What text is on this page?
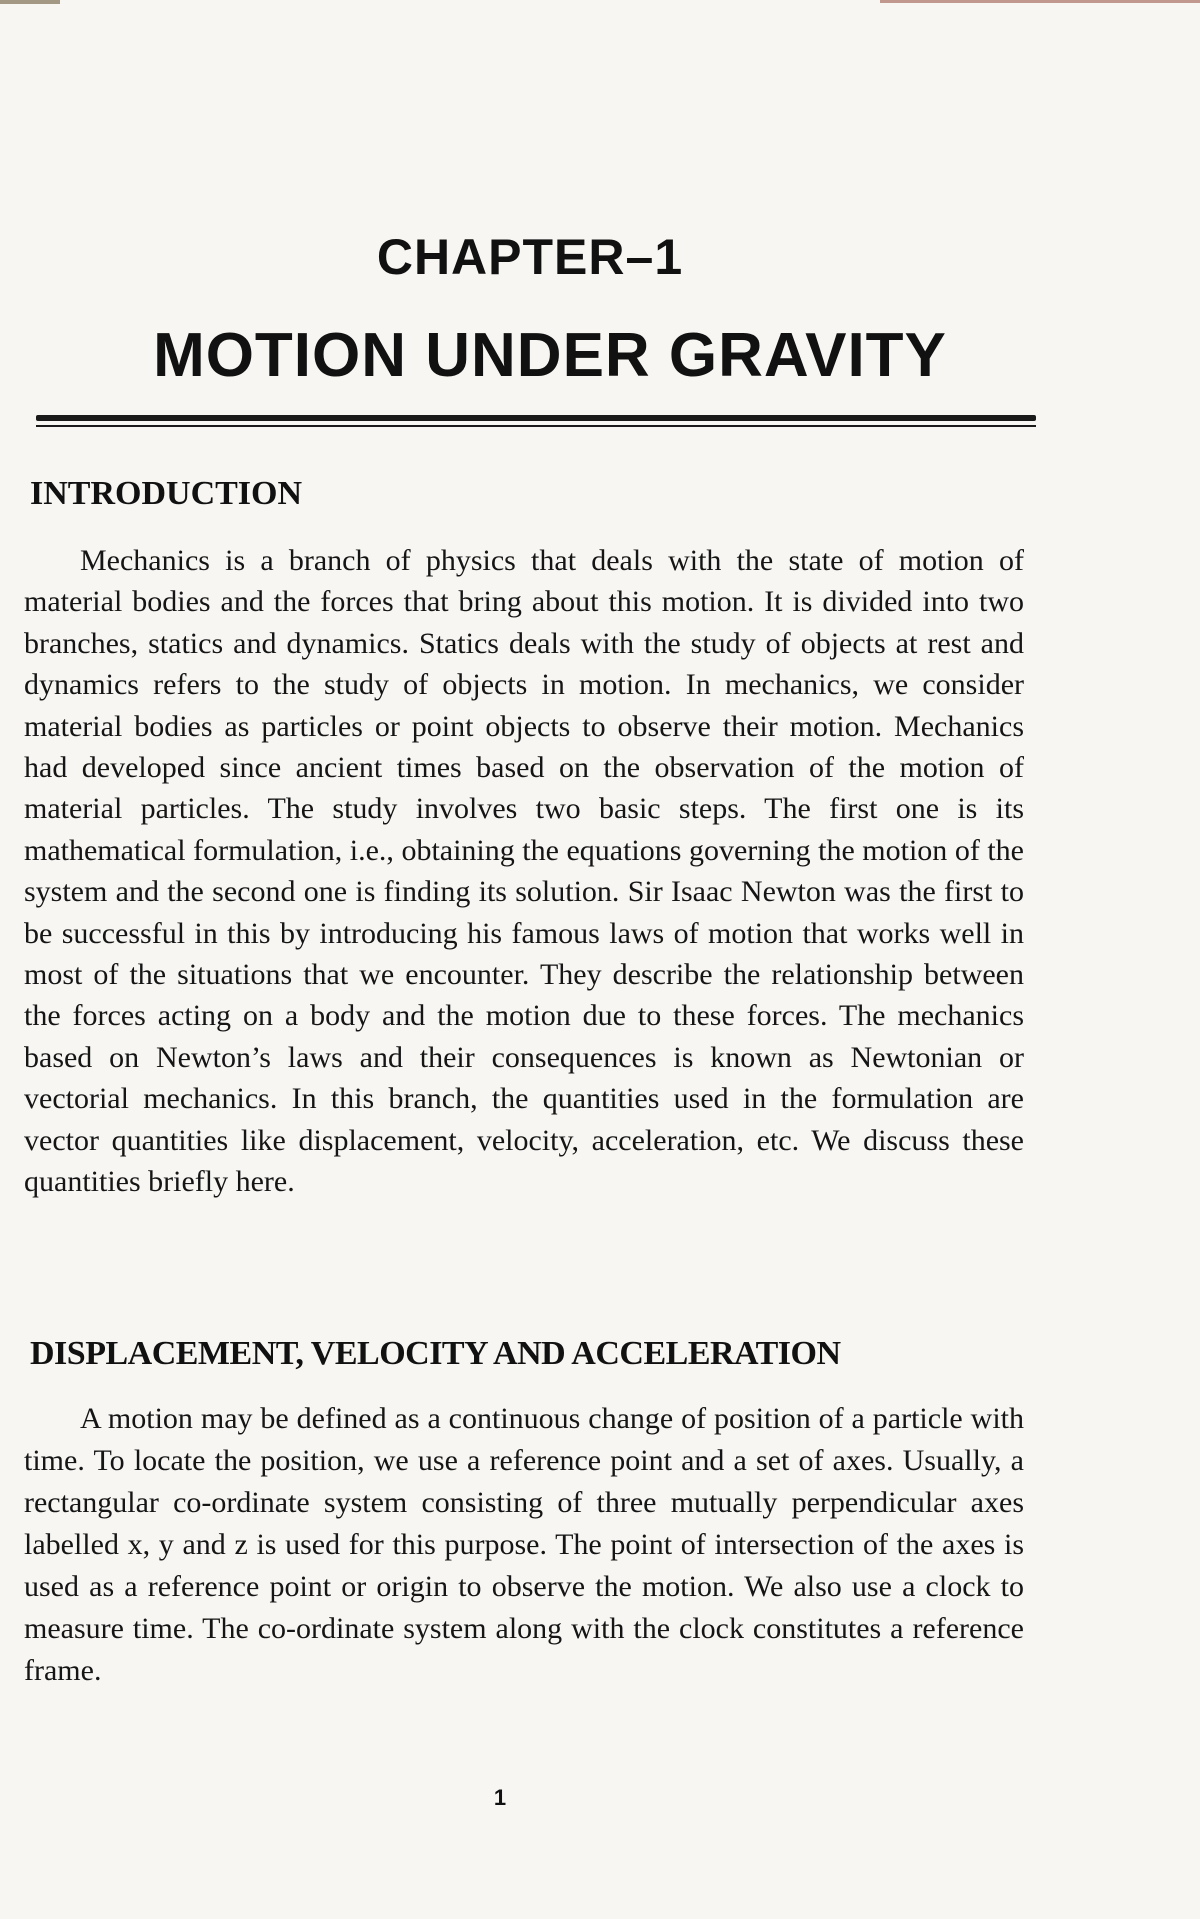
CHAPTER–1
MOTION UNDER GRAVITY
INTRODUCTION

Mechanics is a branch of physics that deals with the state of motion of material bodies and the forces that bring about this motion. It is divided into two branches, statics and dynamics. Statics deals with the study of objects at rest and dynamics refers to the study of objects in motion. In mechanics, we consider material bodies as particles or point objects to observe their motion. Mechanics had developed since ancient times based on the observation of the motion of material particles. The study involves two basic steps. The first one is its mathematical formulation, i.e., obtaining the equations governing the motion of the system and the second one is finding its solution. Sir Isaac Newton was the first to be successful in this by introducing his famous laws of motion that works well in most of the situations that we encounter. They describe the relationship between the forces acting on a body and the motion due to these forces. The mechanics based on Newton’s laws and their consequences is known as Newtonian or vectorial mechanics. In this branch, the quantities used in the formulation are vector quantities like displacement, velocity, acceleration, etc. We discuss these quantities briefly here.

DISPLACEMENT, VELOCITY AND ACCELERATION

A motion may be defined as a continuous change of position of a particle with time. To locate the position, we use a reference point and a set of axes. Usually, a rectangular co-ordinate system consisting of three mutually perpendicular axes labelled x, y and z is used for this purpose. The point of intersection of the axes is used as a reference point or origin to observe the motion. We also use a clock to measure time. The co-ordinate system along with the clock constitutes a reference frame.

1
